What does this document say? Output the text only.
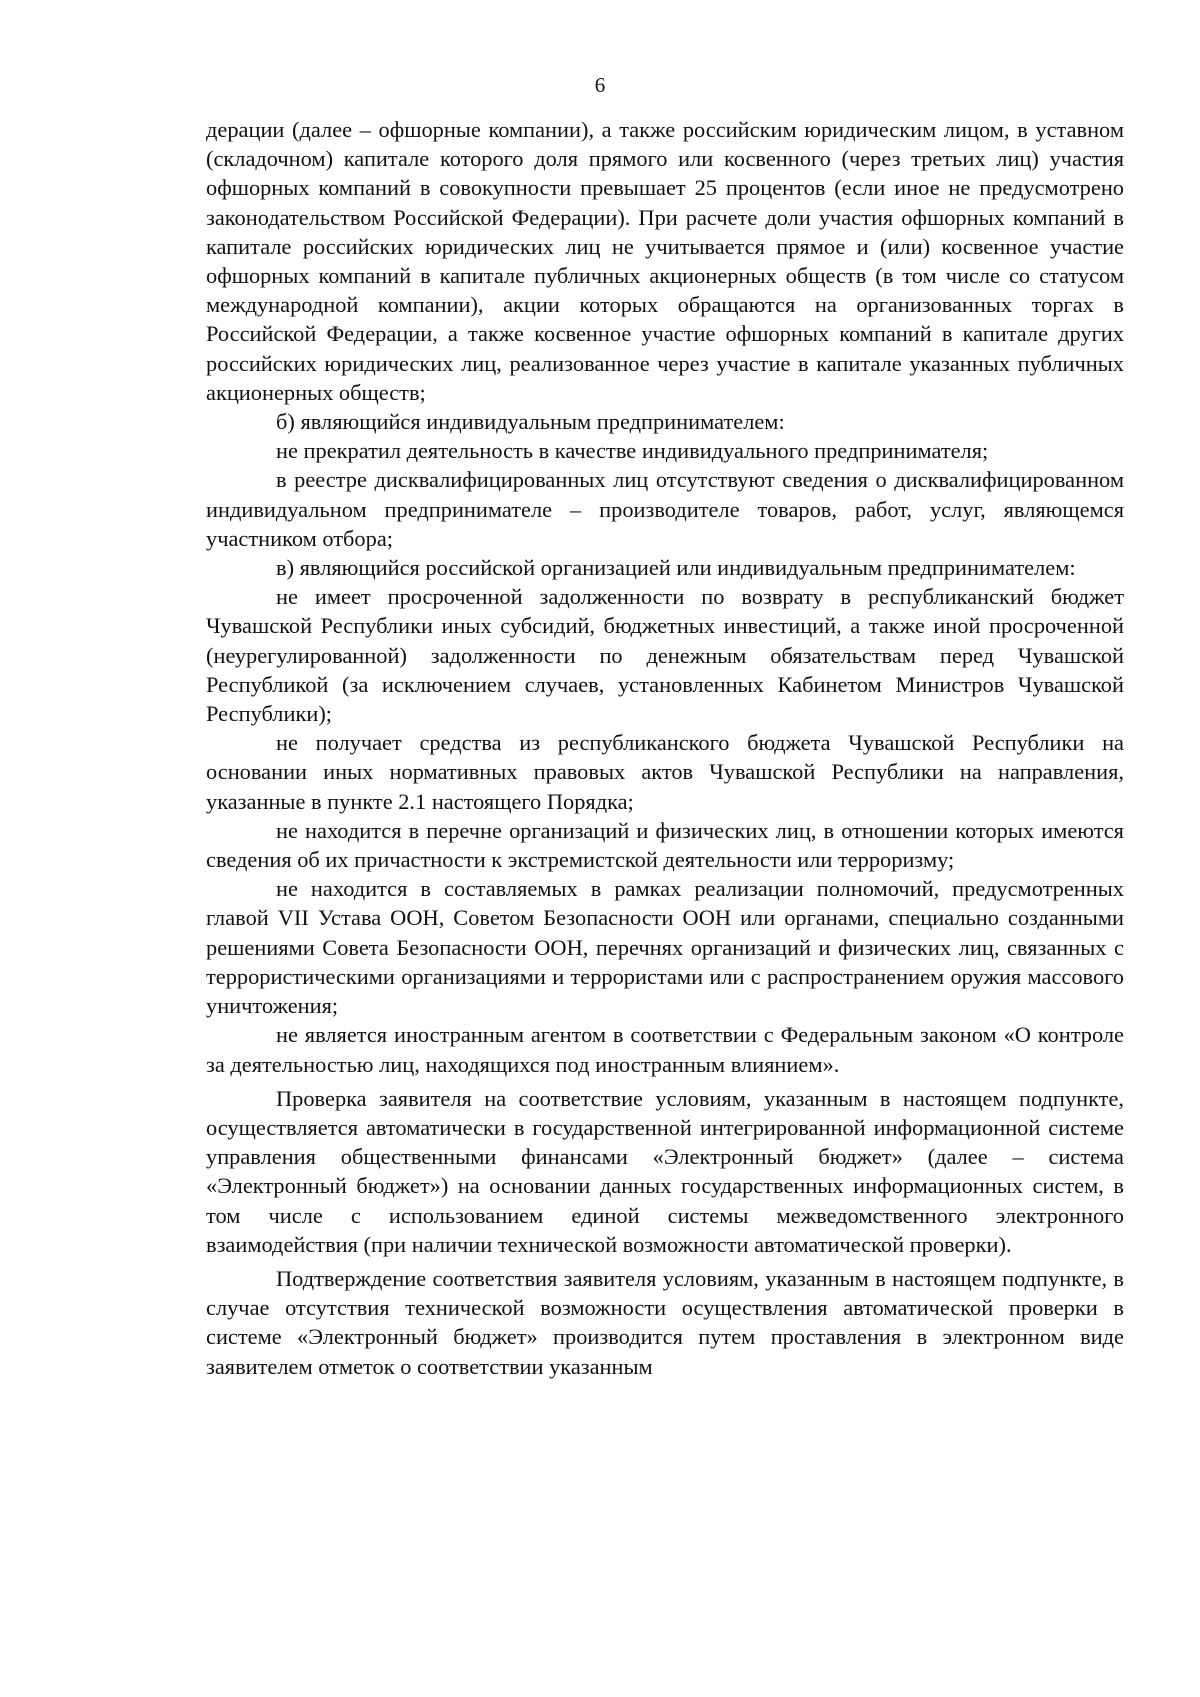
6

дерации (далее – офшорные компании), а также российским юридическим лицом, в уставном (складочном) капитале которого доля прямого или косвенного (через третьих лиц) участия офшорных компаний в совокупности превышает 25 процентов (если иное не предусмотрено законодательством Российской Федерации). При расчете доли участия офшорных компаний в капитале российских юридических лиц не учитывается прямое и (или) косвенное участие офшорных компаний в капитале публичных акционерных обществ (в том числе со статусом международной компании), акции которых обращаются на организованных торгах в Российской Федерации, а также косвенное участие офшорных компаний в капитале других российских юридических лиц, реализованное через участие в капитале указанных публичных акционерных обществ;

б) являющийся индивидуальным предпринимателем:

не прекратил деятельность в качестве индивидуального предпринимателя;

в реестре дисквалифицированных лиц отсутствуют сведения о дисквалифицированном индивидуальном предпринимателе – производителе товаров, работ, услуг, являющемся участником отбора;

в) являющийся российской организацией или индивидуальным предпринимателем:

не имеет просроченной задолженности по возврату в республиканский бюджет Чувашской Республики иных субсидий, бюджетных инвестиций, а также иной просроченной (неурегулированной) задолженности по денежным обязательствам перед Чувашской Республикой (за исключением случаев, установленных Кабинетом Министров Чувашской Республики);

не получает средства из республиканского бюджета Чувашской Республики на основании иных нормативных правовых актов Чувашской Республики на направления, указанные в пункте 2.1 настоящего Порядка;

не находится в перечне организаций и физических лиц, в отношении которых имеются сведения об их причастности к экстремистской деятельности или терроризму;

не находится в составляемых в рамках реализации полномочий, предусмотренных главой VII Устава ООН, Советом Безопасности ООН или органами, специально созданными решениями Совета Безопасности ООН, перечнях организаций и физических лиц, связанных с террористическими организациями и террористами или с распространением оружия массового уничтожения;

не является иностранным агентом в соответствии с Федеральным законом «О контроле за деятельностью лиц, находящихся под иностранным влиянием».

Проверка заявителя на соответствие условиям, указанным в настоящем подпункте, осуществляется автоматически в государственной интегрированной информационной системе управления общественными финансами «Электронный бюджет» (далее – система «Электронный бюджет») на основании данных государственных информационных систем, в том числе с использованием единой системы межведомственного электронного взаимодействия (при наличии технической возможности автоматической проверки).

Подтверждение соответствия заявителя условиям, указанным в настоящем подпункте, в случае отсутствия технической возможности осуществления автоматической проверки в системе «Электронный бюджет» производится путем проставления в электронном виде заявителем отметок о соответствии указанным
